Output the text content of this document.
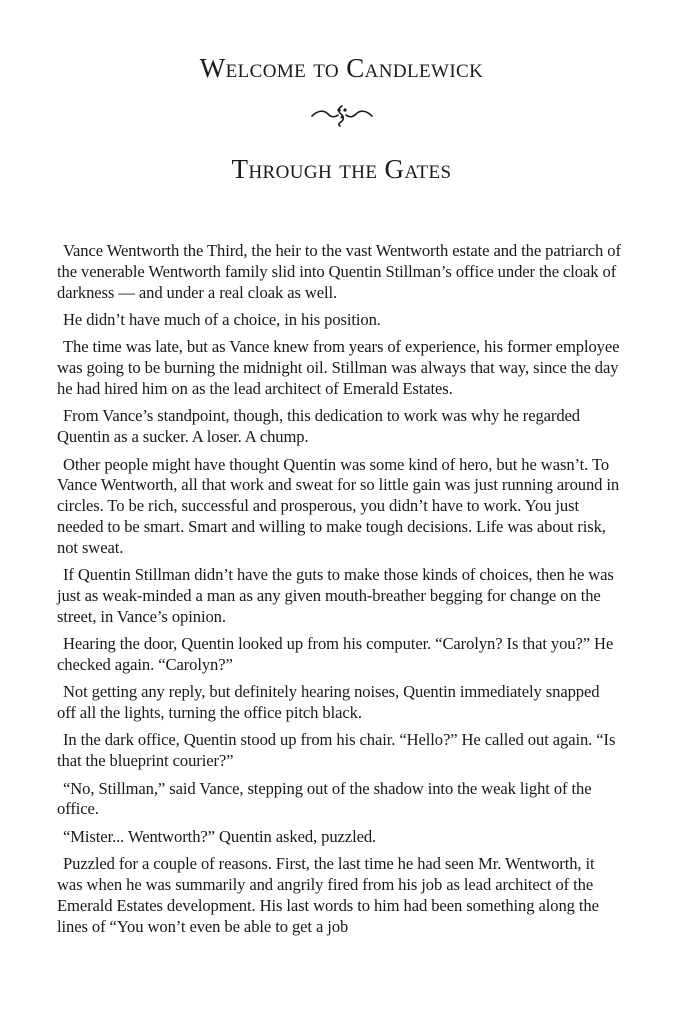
Welcome to Candlewick
Through the Gates

Vance Wentworth the Third, the heir to the vast Wentworth estate and the patriarch of the venerable Wentworth family slid into Quentin Stillman’s office under the cloak of darkness — and under a real cloak as well.

He didn’t have much of a choice, in his position.

The time was late, but as Vance knew from years of experience, his former employee was going to be burning the midnight oil. Stillman was always that way, since the day he had hired him on as the lead architect of Emerald Estates.

From Vance’s standpoint, though, this dedication to work was why he regarded Quentin as a sucker. A loser. A chump.

Other people might have thought Quentin was some kind of hero, but he wasn’t. To Vance Wentworth, all that work and sweat for so little gain was just running around in circles. To be rich, successful and prosperous, you didn’t have to work. You just needed to be smart. Smart and willing to make tough decisions. Life was about risk, not sweat.

If Quentin Stillman didn’t have the guts to make those kinds of choices, then he was just as weak-minded a man as any given mouth-breather begging for change on the street, in Vance’s opinion.

Hearing the door, Quentin looked up from his computer. “Carolyn? Is that you?” He checked again. “Carolyn?”

Not getting any reply, but definitely hearing noises, Quentin immediately snapped off all the lights, turning the office pitch black.

In the dark office, Quentin stood up from his chair. “Hello?” He called out again. “Is that the blueprint courier?”

“No, Stillman,” said Vance, stepping out of the shadow into the weak light of the office.

“Mister... Wentworth?” Quentin asked, puzzled.

Puzzled for a couple of reasons. First, the last time he had seen Mr. Wentworth, it was when he was summarily and angrily fired from his job as lead architect of the Emerald Estates development. His last words to him had been something along the lines of “You won’t even be able to get a job
